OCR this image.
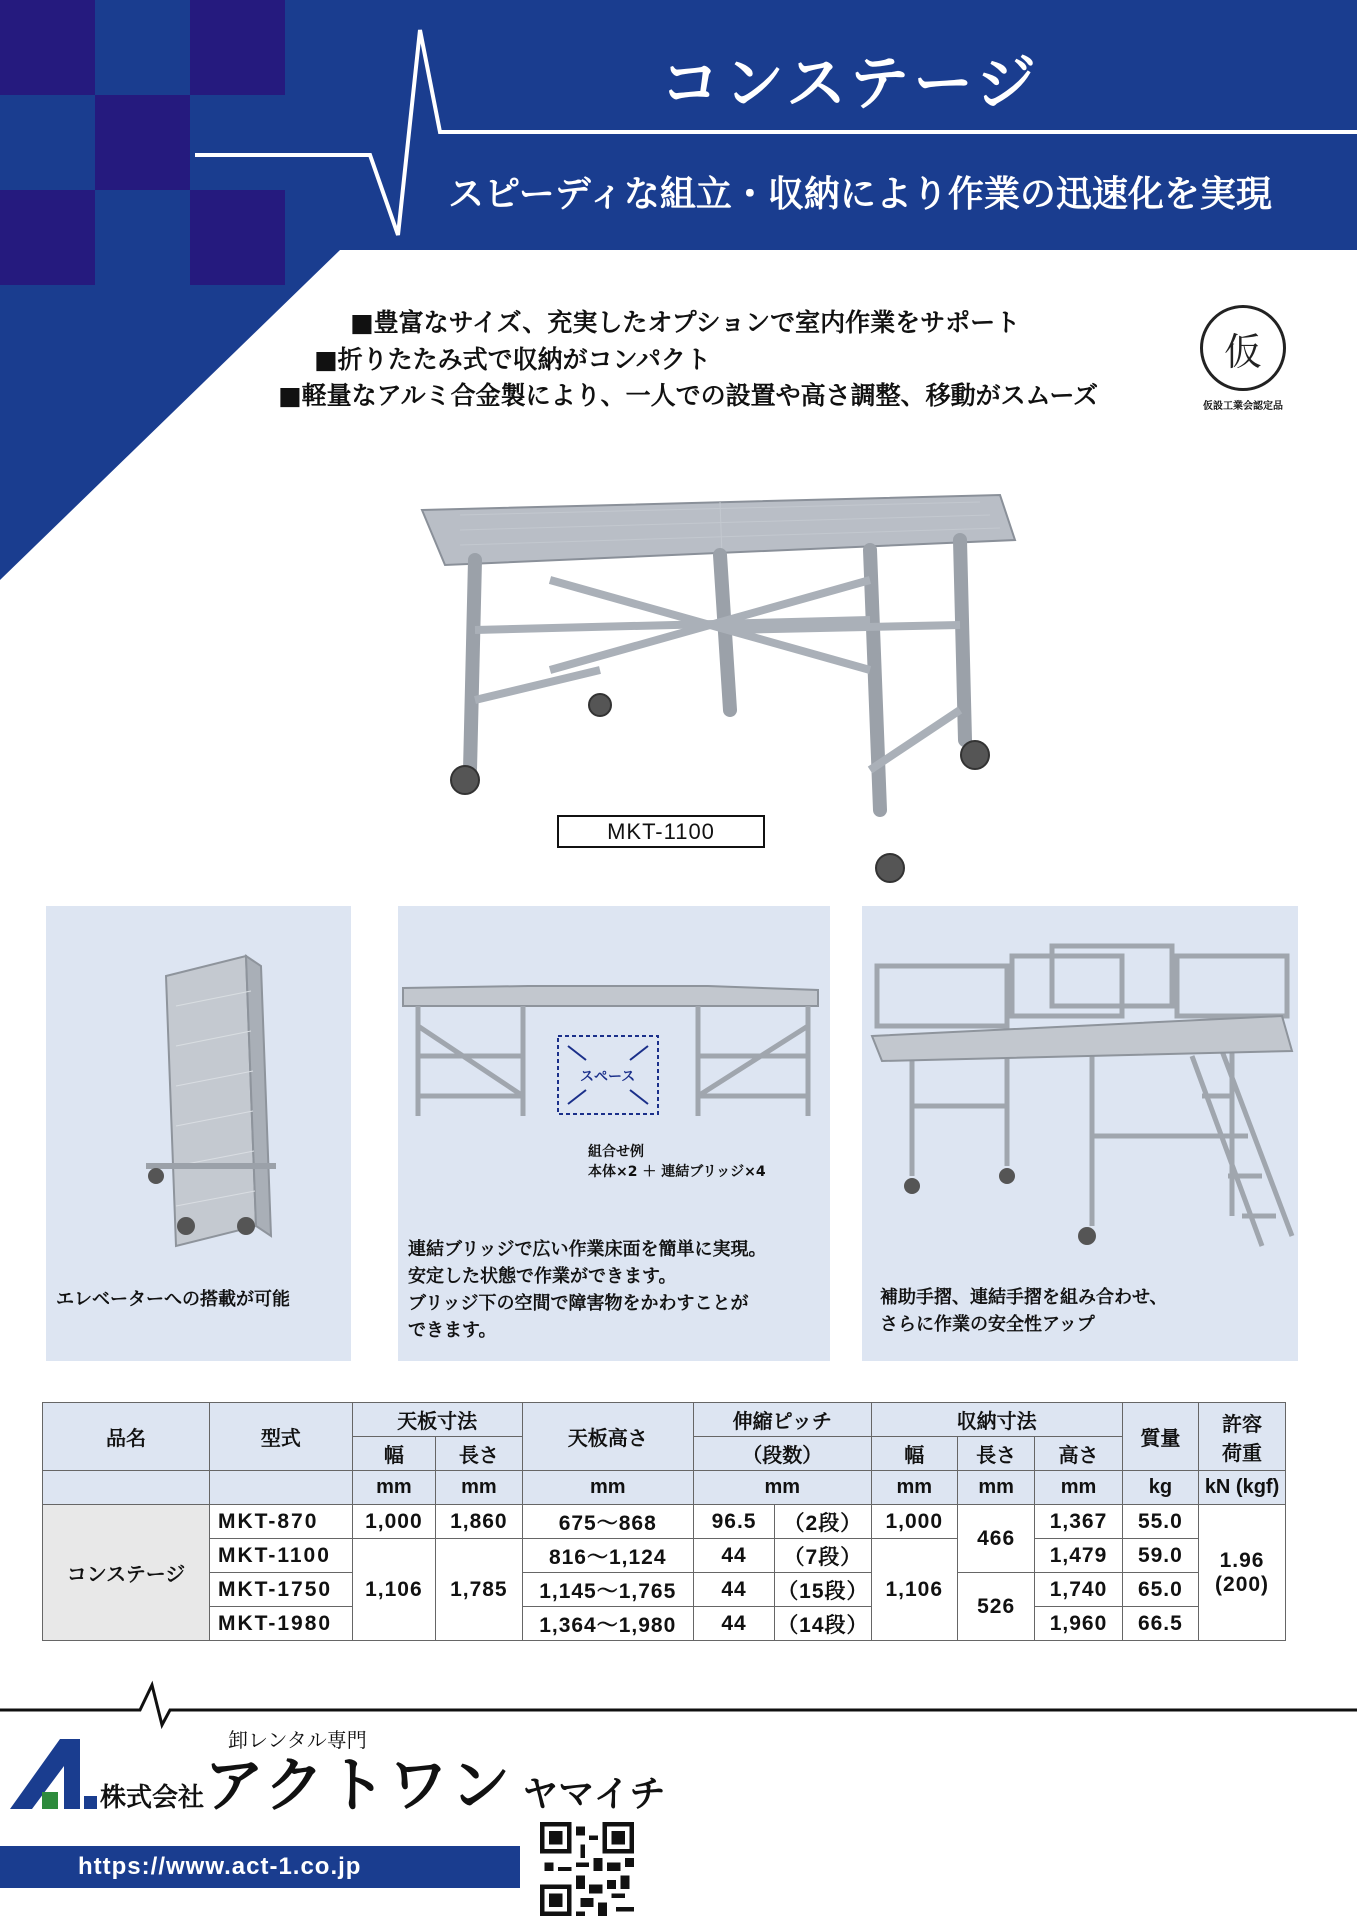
コンステージ
スピーディな組立・収納により作業の迅速化を実現
■豊富なサイズ、充実したオプションで室内作業をサポート
■折りたたみ式で収納がコンパクト
■軽量なアルミ合金製により、一人での設置や高さ調整、移動がスムーズ
仮
仮設工業会認定品
MKT-1100
エレベーターへの搭載が可能
スペース
組合せ例
本体×2 ＋ 連結ブリッジ×4
連結ブリッジで広い作業床面を簡単に実現。
安定した状態で作業ができます。
ブリッジ下の空間で障害物をかわすことが
できます。
補助手摺、連結手摺を組み合わせ、
さらに作業の安全性アップ
品名	型式	天板寸法		天板高さ	伸縮ピッチ		収納寸法			質量	許容
荷重
		幅	長さ		（段数）		幅	長さ	高さ		
		mm	mm	mm	mm		mm	mm	mm	kg	kN (kgf)
コンステージ	MKT-870	1,000	1,860	675～868	96.5	（2段）	1,000	466	1,367	55.0	1.96
(200)
	MKT-1100	1,106	1,785	816～1,124	44	（7段）	1,106		1,479	59.0	
	MKT-1750			1,145～1,765	44	（15段）		526	1,740	65.0	
	MKT-1980			1,364～1,980	44	（14段）			1,960	66.5	
卸レンタル専門
株式会社アクトワン ヤマイチ
https://www.act-1.co.jp
